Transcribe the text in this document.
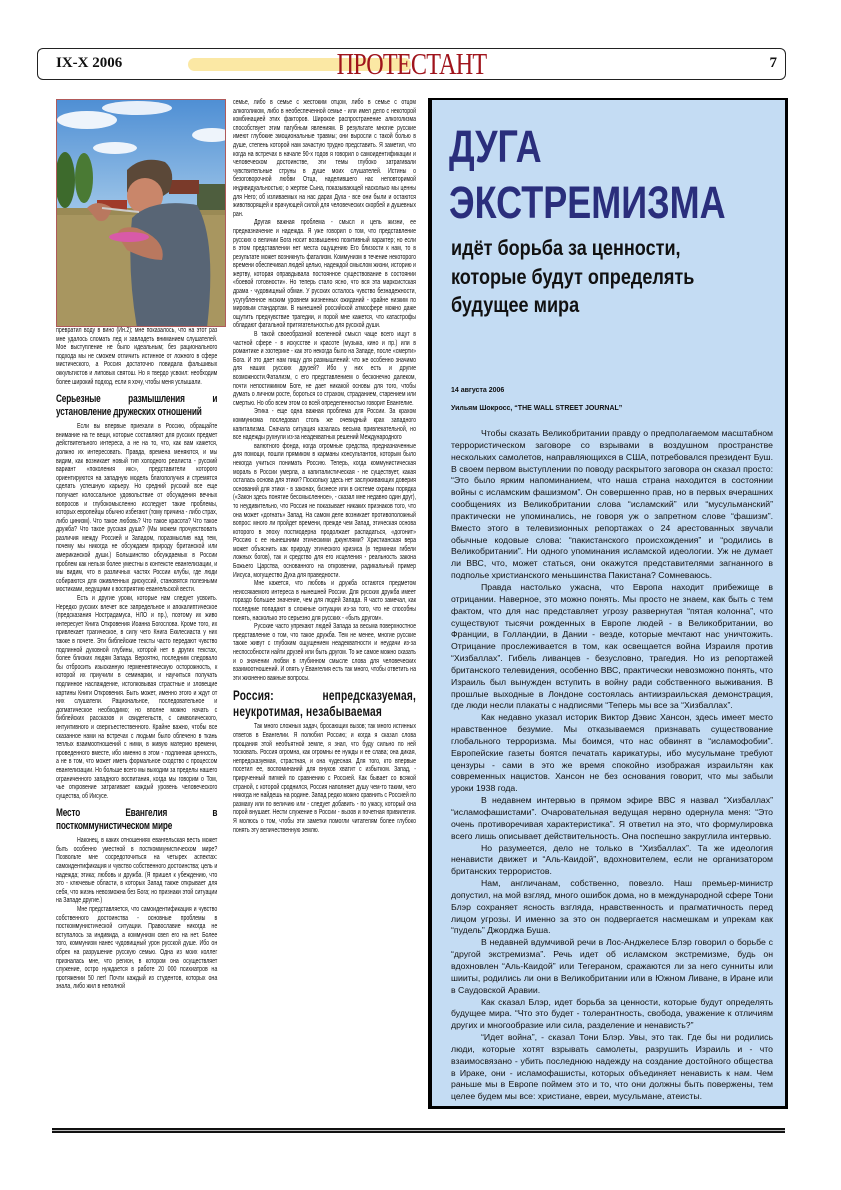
IX-X 2006	ПРОТЕСТАНТ	7

превратил воду в вино (Ин.2); мне показалось, что на этот раз мне удалось сломать лед и завладеть вниманием слушателей. Мое выступление не было идеальным; без рационального подхода мы не сможем отличить истинное от ложного в сфере мистического, а Россия достаточно повидала фальшивых оккультистов и липовых святош. Но я твердо усвоил: необходим более широкий подход, если я хочу, чтобы меня услышали.

Серьезные размышления и установление дружеских отношений

Если вы впервые приехали в Россию, обращайте внимание на те вещи, которые составляют для русских предмет действительного интереса, а не на то, что, как вам кажется, должно их интересовать. Правда, времена меняются, и мы видим, как возникает новый тип холодного реалиста - русский вариант «поколения икс», представители которого ориентируются на западную модель благополучия и стремятся сделать успешную карьеру. Но средний русский все еще получает колоссальное удовольствие от обсуждения вечных вопросов и глубокомысленно исследует такие проблемы, которых европейцы обычно избегают (тому причина - либо страх, либо цинизм). Что такое любовь? Что такое красота? Что такое дружба? Что такое русская душа? (Мы можем прочувствовать различия между Россией и Западом, поразмыслив над тем, почему мы никогда не обсуждаем природу британской или американской души.) Большинство обсуждаемых в России проблем как нельзя более уместны в контексте евангелизации, и мы видим, что в различных частях России клубы, где люди собираются для оживленных дискуссий, становятся полезными мостиками, ведущими к восприятию евангельской вести.

Есть и другие уроки, которые нам следует усвоить. Нередко русских влечет все запредельное и апокалиптическое (предсказания Нострадамуса, НЛО и пр.), поэтому их живо интересует Книга Откровения Иоанна Богослова. Кроме того, их привлекает трагическое, в силу чего Книга Екклесиаста у них также в почете. Эти библейские тексты часто передают чувство подлинной духовной глубины, которой нет в других текстах, более близких людям Запада. Вероятно, последним следовало бы отбросить изысканную герменевтическую осторожность, к которой их приучили в семинарии, и научиться получать подлинное наслаждение, истолковывая страстные и зловещие картины Книги Откровения. Быть может, именно этого и ждут от них слушатели. Рациональное, последовательное и догматическое необходимо; но вполне можно начать с библейских рассказов и свидетельств, с символического, интуитивного и сверхъестественного. Крайне важно, чтобы все сказанное нами на встречах с людьми было облечено в ткань теплых взаимоотношений с ними, в живую материю времени, проведенного вместе, ибо именно в этом - подлинная ценность, а не в том, что может иметь формальное сходство с процессом евангелизации. Но больше всего мы выходим за пределы нашего ограниченного западного воспитания, когда мы говорим о Том, чье откровение затрагивает каждый уровень человеческого существа, об Иисусе.

Место Евангелия в посткоммунистическом мире

Наконец, в каких отношениях евангельская весть может быть особенно уместной в посткоммунистическом мире? Позвольте мне сосредоточиться на четырех аспектах: самоидентификация и чувство собственного достоинства; цель и надежда; этика; любовь и дружба. (Я пришел к убеждению, что это - ключевые области, в которых Запад также открывает для себя, что жизнь невозможна без Бога; но признаки этой ситуации на Западе другие.)

Мне представляется, что самоидентификация и чувство собственного достоинства - основные проблемы в посткоммунистической ситуации. Православие никогда не вступалось за индивида, а коммунизм свел его на нет. Более того, коммунизм нанес чудовищный урон русской душе. Ибо он обрек на разрушение русскую семью. Одна из моих коллег призналась мне, что регион, в котором она осуществляет служение, остро нуждается в работе 20 000 психиатров на протяжении 50 лет! Почти каждый из студентов, которых она знала, либо жил в неполной

семье, либо в семье с жестоким отцом, либо в семье с отцом алкоголиком, либо в необеспеченной семье - или имел дело с некоторой комбинацией этих факторов. Широкое распространение алкоголизма способствует этим пагубным явлениям. В результате многие русские имеют глубокие эмоциональные травмы; они выросли с такой болью в душе, степень которой нам зачастую трудно представить. Я заметил, что когда на встречах в начале 90-х годов я говорил о самоидентификации и человеческом достоинстве, эти темы глубоко затрагивали чувствительные струны в душе моих слушателей. Истины о безоговорочной любви Отца, наделившего нас неповторимой индивидуальностью; о жертве Сына, показывающей насколько мы ценны для Него; об изливаемых на нас дарах Духа - все они были и остаются животворящей и врачующей силой для человеческих скорбей и душевных ран.

Другая важная проблема - смысл и цель жизни, ее предназначение и надежда. Я уже говорил о том, что представление русских о величии Бога носит возвышенно позитивный характер; но если в этом представлении нет места ощущению Его близости к нам, то в результате может возникнуть фатализм. Коммунизм в течение некоторого времени обеспечивал людей целью, надеждой смыслом жизни, историю и жертву, которая оправдывала постоянное существование в состоянии «боевой готовности». Но теперь стало ясно, что вся эта марксистская драма - чудовищный обман. У русских осталось чувство безнадежности, усугубленное низким уровнем жизненных ожиданий - крайне низким по мировым стандартам. В нынешней российской атмосфере можно даже ощутить предчувствие трагедии, и порой мне кажется, что катастрофы обладают фатальной притягательностью для русской души.

В такой своеобразной вселенной смысл чаще всего ищут в частной сфере - в искусстве и красоте (музыка, кино и пр.) или в романтике и эзотерике - как это некогда было на Западе, после «смерти» Бога. И это дает нам пищу для размышлений: что же особенно значимо для наших русских друзей? Ибо у них есть и другие возможности.Фатализм, с его представлением о бесконечно далеком, почти непостижимом Боге, не дает никакой основы для того, чтобы думать о личном росте, бороться со страхом, страданием, старением или смертью. Но обо всем этом со всей определенностью говорит Евангелие.

Этика - еще одна важная проблема для России. За крахом коммунизма последовал столь же очевидный крах западного капитализма. Сначала ситуация казалась весьма привлекательной, но все надежды рухнули из-за неадекватных решений Международного

валютного фонда, когда огромные средства, предназначенные для помощи, пошли прямиком в карманы консультантов, которым было некогда учиться понимать Россию. Теперь, когда коммунистическая мораль в России умерла, а капиталистическая - не существует, какая осталась основа для этики? Поскольку здесь нет заслуживающих доверия оснований для этики - в законах, бизнесе или в системе охраны порядка («Закон здесь понятие бессмысленное», - сказал мне недавно один друг), то неудивительно, что Россия не показывает никаких признаков того, что она может «догнать» Запад. На самом деле возникает противоположный вопрос: много ли пройдет времени, прежде чем Запад, этическая основа которого в эпоху постмодерна продолжает распадаться, «догонит» Россию с ее нынешними этическими джунглями? Христианская вера может объяснить как природу этического кризиса (в терминах гибели ложных богов), так и средство для его исцеления - реальность закона Божьего Царства, основанного на откровении, радикальный пример Иисуса, могущество Духа для праведности.

Мне кажется, что любовь и дружба остаются предметом неиссякаемого интереса в нынешней России. Для русских дружба имеет гораздо большее значение, чем для людей Запада. Я часто замечал, как последние попадают в сложные ситуации из-за того, что не способны понять, насколько это серьезно для русских - «быть другом».

Русские часто упрекают людей Запада за весьма поверхностное представление о том, что такое дружба. Тем не менее, многие русские также живут с глубоким ощущением неадекватности и неудачи из-за неспособности найти друзей или быть другом. То же самое можно сказать и о значении любви в глубинном смысле слова для человеческих взаимоотношений. И опять у Евангелия есть так много, чтобы ответить на эти жизненно важные вопросы.

Россия: непредсказуемая, неукротимая, незабываемая

Так много сложных задач, бросающих вызов; так много истинных ответов в Евангелии. Я полюбил Россию; и когда я сказал слова прощания этой необъятной земле, я знал, что буду сильно по ней тосковать. Россия огромна, как огромны ее нужды и ее слава; она дикая, непредсказуемая, страстная, и она чудесная. Для того, кто впервые посетил ее, воспоминаний для внуков хватит с избытком. Запад, - прирученный пигмей по сравнению с Россией. Как бывает со всякой страной, с которой сроднился, Россия наполняет душу чем-то таким, чего никогда не найдешь на родине. Запад редко можно сравнить с Россией по размаху или по величию или - следует добавить - по ужасу, который она порой внушает. Нести служение в России - вызов и почетная привилегия. Я молюсь о том, чтобы эти заметки помогли читателям более глубоко понять эту величественную землю.

ДУГА
ЭКСТРЕМИЗМА
идёт борьба за ценности, которые будут определять будущее мира
14 августа 2006
Уильям Шокросс, “THE WALL STREET JOURNAL”

Чтобы сказать Великобритании правду о предполагаемом масштабном террористическом заговоре со взрывами в воздушном пространстве нескольких самолетов, направляющихся в США, потребовался президент Буш. В своем первом выступлении по поводу раскрытого заговора он сказал просто: “Это было ярким напоминанием, что наша страна находится в состоянии войны с исламским фашизмом”. Он совершенно прав, но в первых вчерашних сообщениях из Великобритании слова “исламский” или “мусульманский” практически не упоминались, не говоря уж о запретном слове “фашизм”. Вместо этого в телевизионных репортажах о 24 арестованных звучали обычные кодовые слова: “пакистанского происхождения” и “родились в Великобритании”. Ни одного упоминания исламской идеологии. Уж не думает ли ВВС, что, может статься, они окажутся представителями загнанного в подполье христианского меньшинства Пакистана? Сомневаюсь.

Правда настолько ужасна, что Европа находит прибежище в отрицании. Наверное, это можно понять. Мы просто не знаем, как быть с тем фактом, что для нас представляет угрозу развернутая “пятая колонна”, что существуют тысячи рожденных в Европе людей - в Великобритании, во Франции, в Голландии, в Дании - везде, которые мечтают нас уничтожить. Отрицание прослеживается в том, как освещается война Израиля против “Хизбаллах”. Гибель ливанцев - безусловно, трагедия. Но из репортажей британского телевидения, особенно ВВС, практически невозможно понять, что Израиль был вынужден вступить в войну ради собственного выживания. В прошлые выходные в Лондоне состоялась антиизраильская демонстрация, где люди несли плакаты с надписями “Теперь мы все за “Хизбаллах”.

Как недавно указал историк Виктор Дэвис Хансон, здесь имеет место нравственное безумие. Мы отказываемся признавать существование глобального терроризма. Мы боимся, что нас обвинят в “исламофобии”. Европейские газеты боятся печатать карикатуры, ибо мусульмане требуют цензуры - сами в это же время спокойно изображая израильтян как современных нацистов. Хансон не без основания говорит, что мы забыли уроки 1938 года.

В недавнем интервью в прямом эфире ВВС я назвал “Хизбаллах” “исламофашистами”. Очаровательная ведущая нервно одернула меня: “Это очень противоречивая характеристика”. Я ответил на это, что формулировка всего лишь описывает действительность. Она поспешно закруглила интервью.

Но разумеется, дело не только в “Хизбаллах”. Та же идеология ненависти движет и “Аль-Каидой”, вдохновителем, если не организатором британских террористов.

Нам, англичанам, собственно, повезло. Наш премьер-министр допустил, на мой взгляд, много ошибок дома, но в международной сфере Тони Блэр сохраняет ясность взгляда, нравственность и прагматичность перед лицом угрозы. И именно за это он подвергается насмешкам и упрекам как “пудель” Джорджа Буша.

В недавней вдумчивой речи в Лос-Анджелесе Блэр говорил о борьбе с “другой экстремизма”. Речь идет об исламском экстремизме, будь он вдохновлен “Аль-Каидой” или Тегераном, сражаются ли за него сунниты или шииты, родились ли они в Великобритании или в Южном Ливане, в Иране или в Саудовской Аравии.

Как сказал Блэр, идет борьба за ценности, которые будут определять будущее мира. “Что это будет - толерантность, свобода, уважение к отличиям других и многообразие или сила, разделение и ненависть?”

“Идет война”, - сказал Тони Блэр. Увы, это так. Где бы ни родились люди, которые хотят взрывать самолеты, разрушить Израиль и - что взаимосвязано - убить последнюю надежду на создание достойного общества в Ираке, они - исламофашисты, которых объединяет ненависть к нам. Чем раньше мы в Европе поймем это и то, что они должны быть повержены, тем целее будем мы все: христиане, евреи, мусульмане, атеисты.
